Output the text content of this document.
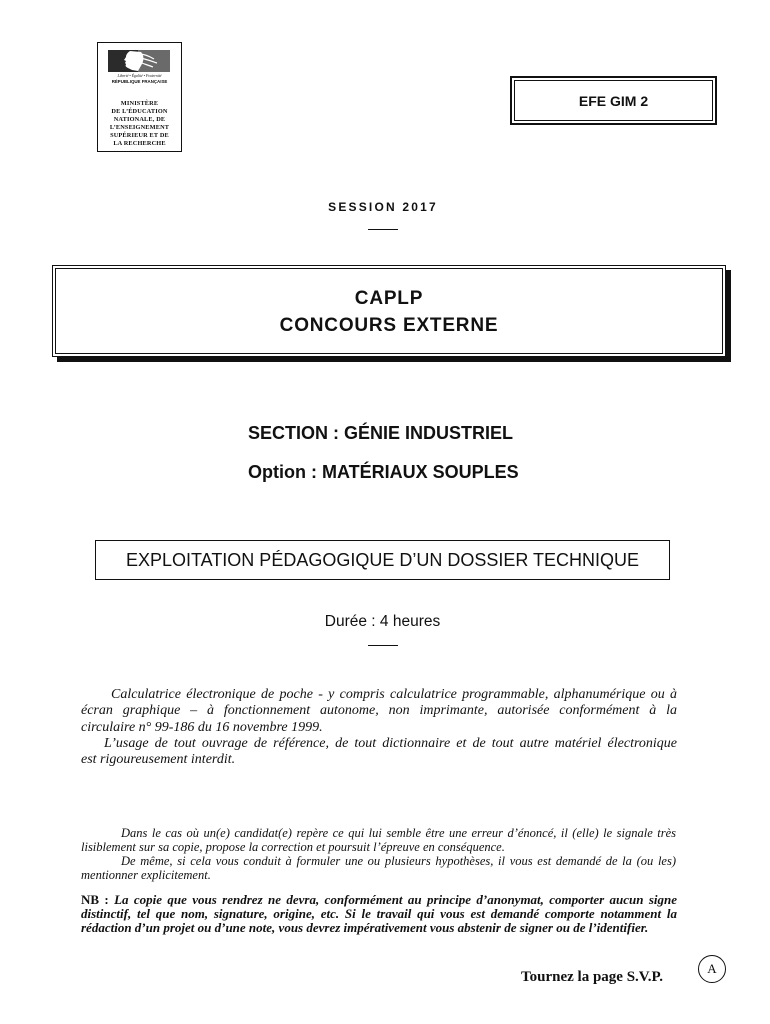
Liberté • Égalité • Fraternité
RÉPUBLIQUE FRANÇAISE
MINISTÈRE
DE L’ÉDUCATION
NATIONALE, DE
L’ENSEIGNEMENT
SUPÉRIEUR ET DE
LA RECHERCHE
EFE GIM 2
SESSION 2017
CAPLP
CONCOURS EXTERNE
SECTION : GÉNIE INDUSTRIEL
Option : MATÉRIAUX SOUPLES
EXPLOITATION PÉDAGOGIQUE D’UN DOSSIER TECHNIQUE
Durée : 4 heures
Calculatrice électronique de poche - y compris calculatrice programmable, alphanumérique ou à
écran graphique – à fonctionnement autonome, non imprimante, autorisée conformément à la
circulaire n° 99-186 du 16 novembre 1999.
L’usage de tout ouvrage de référence, de tout dictionnaire et de tout autre matériel électronique
est rigoureusement interdit.
Dans le cas où un(e) candidat(e) repère ce qui lui semble être une erreur d’énoncé, il (elle) le signale très
lisiblement sur sa copie, propose la correction et poursuit l’épreuve en conséquence.
De même, si cela vous conduit à formuler une ou plusieurs hypothèses, il vous est demandé de la (ou les)
mentionner explicitement.
NB : La copie que vous rendrez ne devra, conformément au principe d’anonymat, comporter aucun signe
distinctif, tel que nom, signature, origine, etc. Si le travail qui vous est demandé comporte notamment la
rédaction d’un projet ou d’une note, vous devrez impérativement vous abstenir de signer ou de l’identifier.
Tournez la page S.V.P.
A
